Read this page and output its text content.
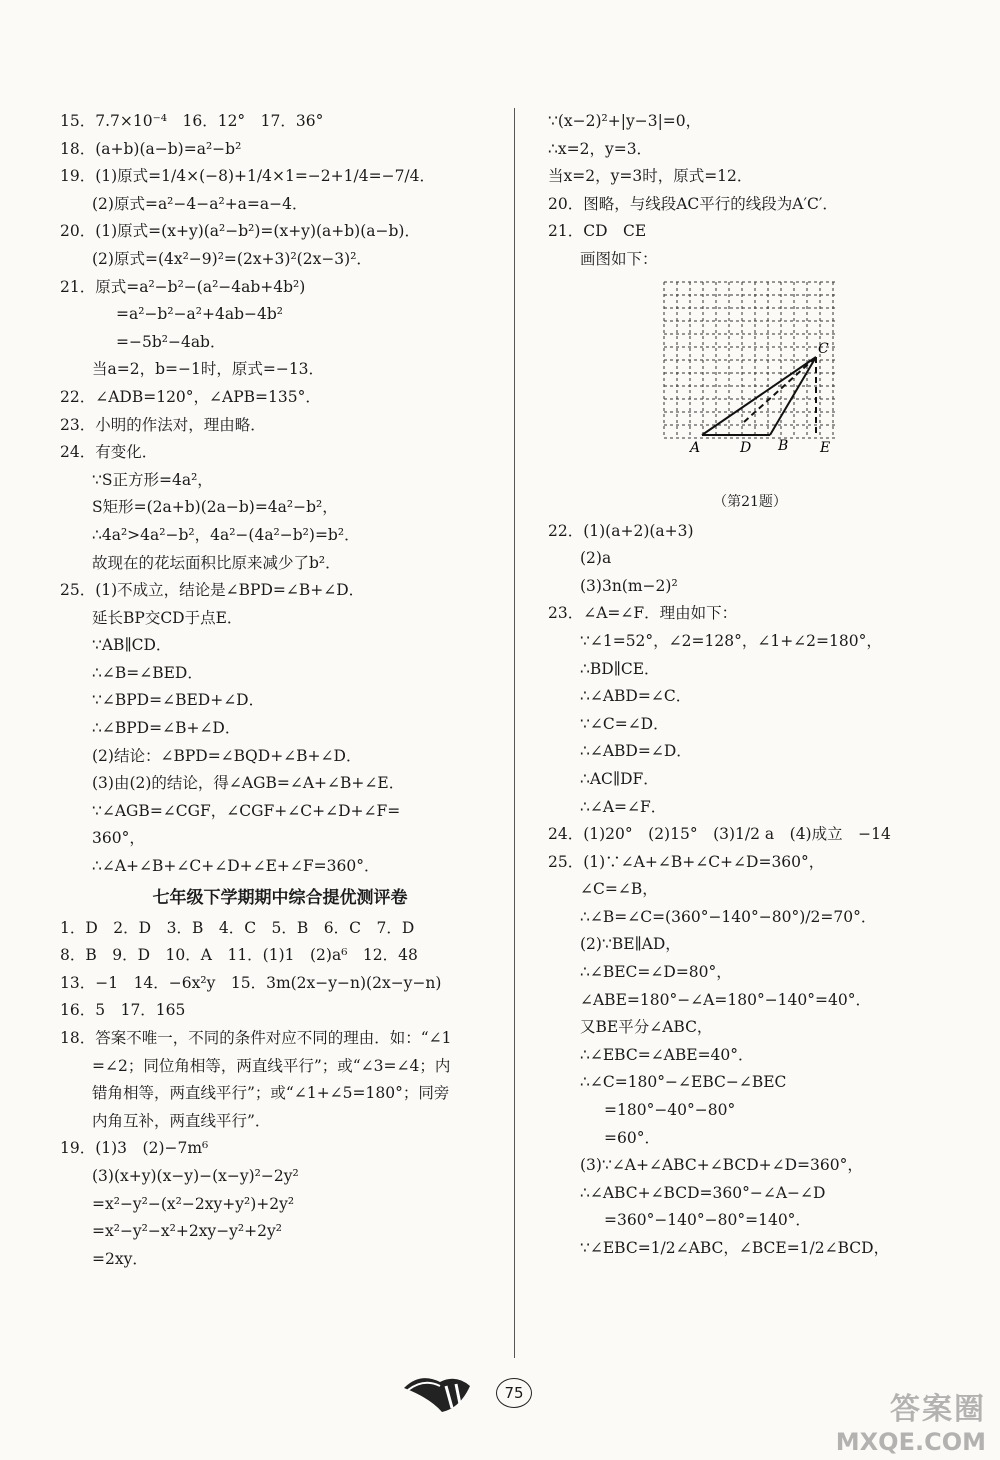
15．7.7×10⁻⁴　16．12°　17．36°
18．(a+b)(a−b)=a²−b²
19．(1)原式=1/4×(−8)+1/4×1=−2+1/4=−7/4．
(2)原式=a²−4−a²+a=a−4．
20．(1)原式=(x+y)(a²−b²)=(x+y)(a+b)(a−b)．
(2)原式=(4x²−9)²=(2x+3)²(2x−3)²．
21．原式=a²−b²−(a²−4ab+4b²)
=a²−b²−a²+4ab−4b²
=−5b²−4ab．
当a=2，b=−1时，原式=−13．
22．∠ADB=120°，∠APB=135°．
23．小明的作法对，理由略．
24．有变化．
∵S正方形=4a²，
S矩形=(2a+b)(2a−b)=4a²−b²，
∴4a²>4a²−b²，4a²−(4a²−b²)=b²．
故现在的花坛面积比原来减少了b²．
25．(1)不成立，结论是∠BPD=∠B+∠D．
延长BP交CD于点E．
∵AB∥CD．
∴∠B=∠BED．
∵∠BPD=∠BED+∠D．
∴∠BPD=∠B+∠D．
(2)结论：∠BPD=∠BQD+∠B+∠D．
(3)由(2)的结论，得∠AGB=∠A+∠B+∠E．
∵∠AGB=∠CGF，∠CGF+∠C+∠D+∠F=
360°，
∴∠A+∠B+∠C+∠D+∠E+∠F=360°．
七年级下学期期中综合提优测评卷
1．D　2．D　3．B　4．C　5．B　6．C　7．D
8．B　9．D　10．A　11．(1)1　(2)a⁶　12．48
13．−1　14．−6x²y　15．3m(2x−y−n)(2x−y−n)
16．5　17．165
18．答案不唯一，不同的条件对应不同的理由．如：“∠1
=∠2；同位角相等，两直线平行”；或“∠3=∠4；内
错角相等，两直线平行”；或“∠1+∠5=180°；同旁
内角互补，两直线平行”．
19．(1)3　(2)−7m⁶
(3)(x+y)(x−y)−(x−y)²−2y²
=x²−y²−(x²−2xy+y²)+2y²
=x²−y²−x²+2xy−y²+2y²
=2xy．
∵(x−2)²+|y−3|=0，
∴x=2，y=3．
当x=2，y=3时，原式=12．
20．图略，与线段AC平行的线段为A′C′．
21．CD　CE
画图如下：
A	D B E
C
（第21题）
22．(1)(a+2)(a+3)
(2)a
(3)3n(m−2)²
23．∠A=∠F．理由如下：
∵∠1=52°，∠2=128°，∠1+∠2=180°，
∴BD∥CE．
∴∠ABD=∠C．
∵∠C=∠D．
∴∠ABD=∠D．
∴AC∥DF．
∴∠A=∠F．
24．(1)20°　(2)15°　(3)1/2 a　(4)成立　−14
25．(1)∵∠A+∠B+∠C+∠D=360°，
∠C=∠B，
∴∠B=∠C=(360°−140°−80°)/2=70°．
(2)∵BE∥AD，
∴∠BEC=∠D=80°，
∠ABE=180°−∠A=180°−140°=40°．
又BE平分∠ABC，
∴∠EBC=∠ABE=40°．
∴∠C=180°−∠EBC−∠BEC
=180°−40°−80°
=60°．
(3)∵∠A+∠ABC+∠BCD+∠D=360°，
∴∠ABC+∠BCD=360°−∠A−∠D
=360°−140°−80°=140°．
∵∠EBC=1/2∠ABC，∠BCE=1/2∠BCD，
75	答案圈
MXQE.COM
